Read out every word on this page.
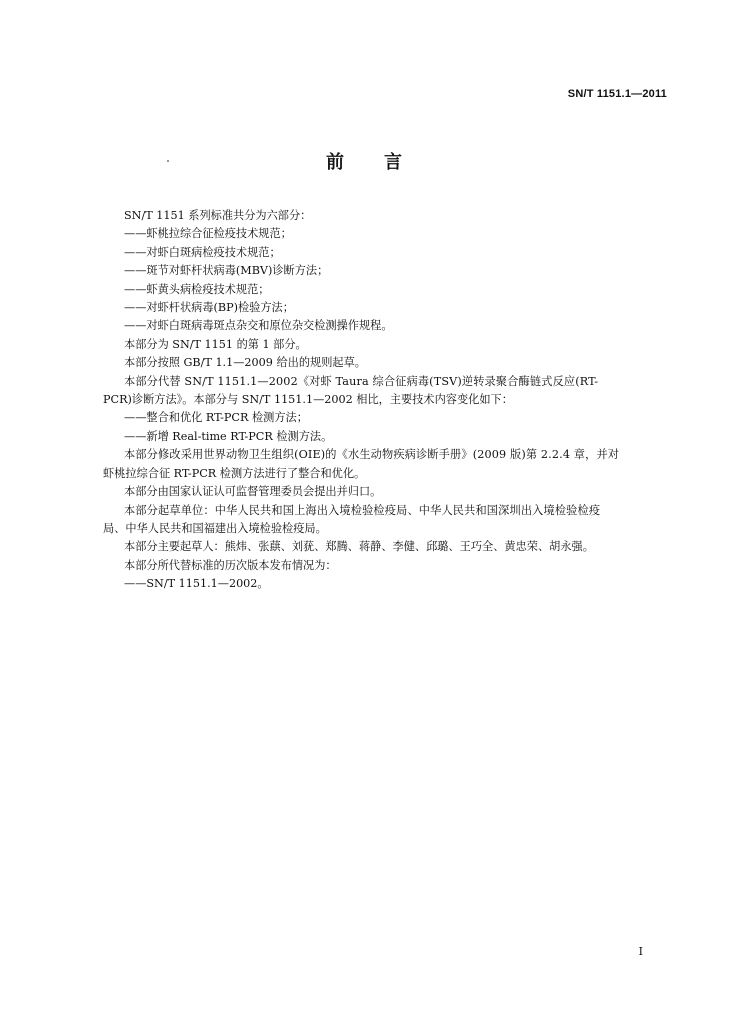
SN/T 1151.1—2011
前 言
SN/T 1151 系列标准共分为六部分：
——虾桃拉综合征检疫技术规范；
——对虾白斑病检疫技术规范；
——斑节对虾杆状病毒(MBV)诊断方法；
——虾黄头病检疫技术规范；
——对虾杆状病毒(BP)检验方法；
——对虾白斑病毒斑点杂交和原位杂交检测操作规程。
本部分为 SN/T 1151 的第 1 部分。
本部分按照 GB/T 1.1—2009 给出的规则起草。
本部分代替 SN/T 1151.1—2002《对虾 Taura 综合征病毒(TSV)逆转录聚合酶链式反应(RT-
PCR)诊断方法》。本部分与 SN/T 1151.1—2002 相比，主要技术内容变化如下：
——整合和优化 RT-PCR 检测方法；
——新增 Real-time RT-PCR 检测方法。
本部分修改采用世界动物卫生组织(OIE)的《水生动物疾病诊断手册》(2009 版)第 2.2.4 章，并对
虾桃拉综合征 RT-PCR 检测方法进行了整合和优化。
本部分由国家认证认可监督管理委员会提出并归口。
本部分起草单位：中华人民共和国上海出入境检验检疫局、中华人民共和国深圳出入境检验检疫
局、中华人民共和国福建出入境检验检疫局。
本部分主要起草人：熊炜、张蕻、刘莸、郑腾、蒋静、李健、邱璐、王巧全、黄忠荣、胡永强。
本部分所代替标准的历次版本发布情况为：
——SN/T 1151.1—2002。
I
